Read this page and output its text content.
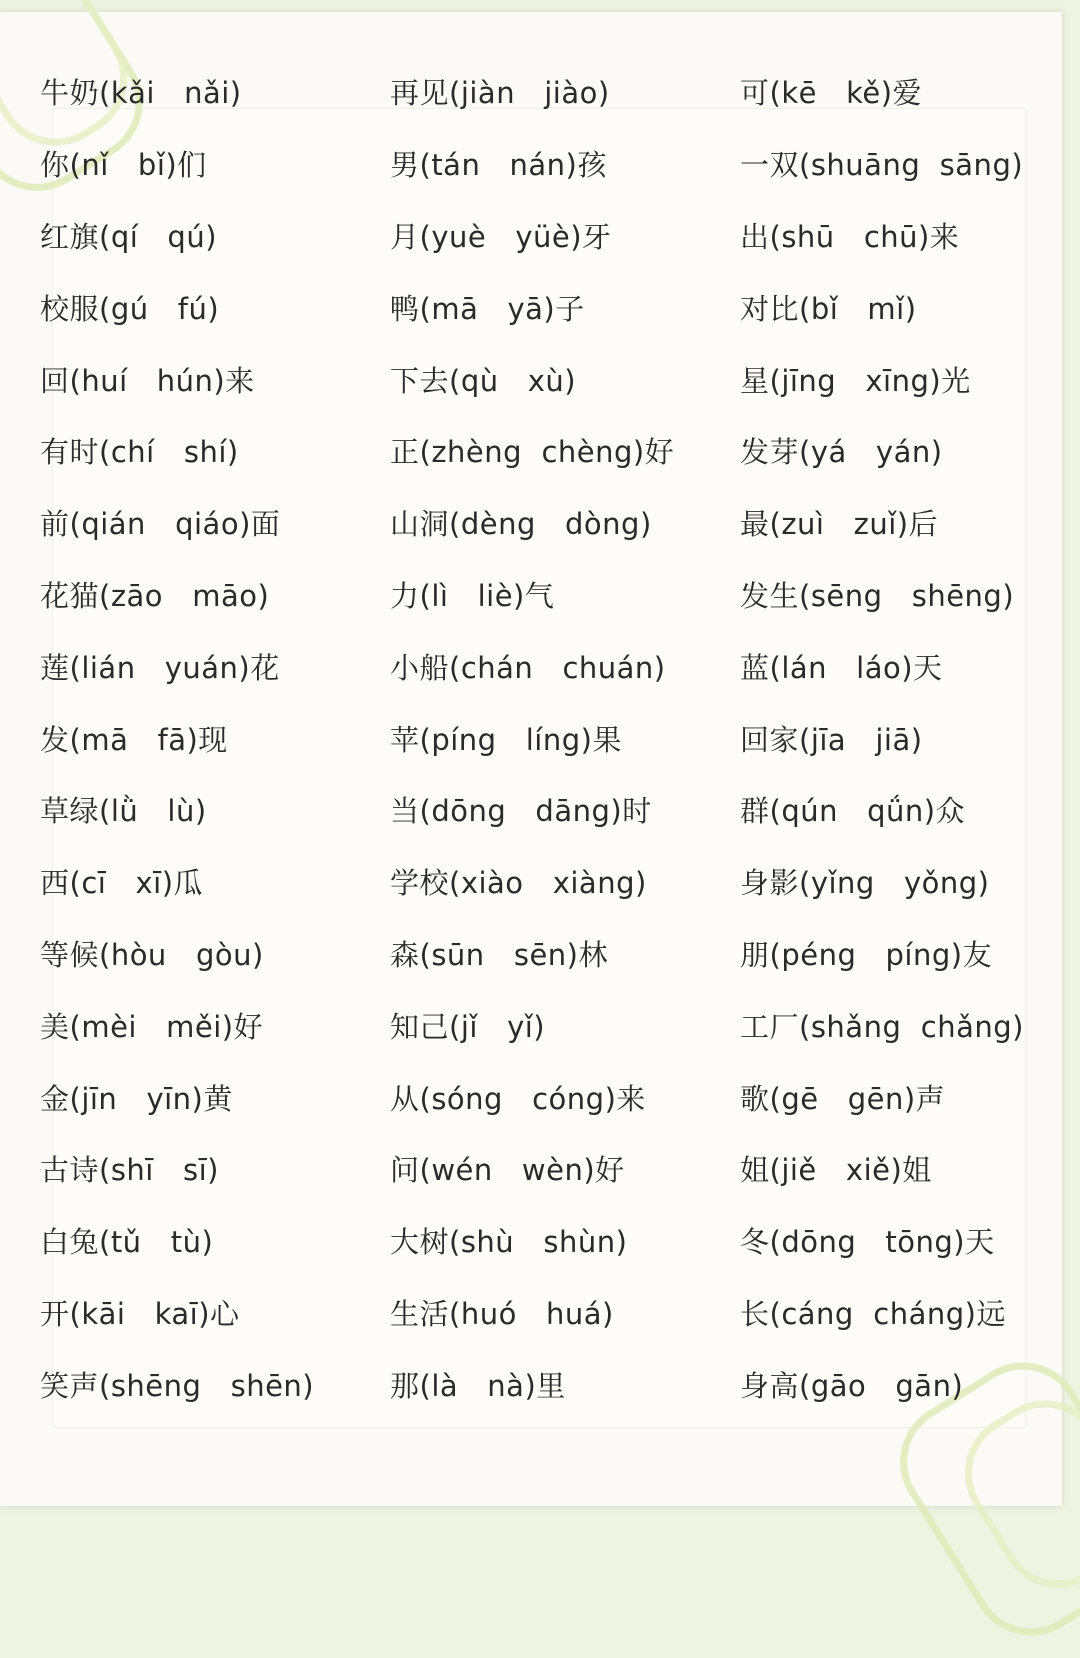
牛奶(kǎi   nǎi)	再见(jiàn   jiào)	可(kē   kě)爱
你(nǐ   bǐ)们	男(tán   nán)孩	一双(shuāng  sāng)
红旗(qí   qú)	月(yuè   yüè)牙	出(shū   chū)来
校服(gú   fú)	鸭(mā   yā)子	对比(bǐ   mǐ)
回(huí   hún)来	下去(qù   xù)	星(jīng   xīng)光
有时(chí   shí)	正(zhèng  chèng)好 发芽(yá   yán)
前(qián   qiáo)面	山洞(dèng   dòng)	最(zuì   zuǐ)后
花猫(zāo   māo)	力(lì   liè)气	发生(sēng   shēng)
莲(lián   yuán)花	小船(chán   chuán)	蓝(lán   láo)天
发(mā   fā)现	苹(píng   líng)果	回家(jīa   jiā)
草绿(lǜ   lù)	当(dōng   dāng)时	群(qún   qǘn)众
西(cī   xī)瓜	学校(xiào   xiàng)	身影(yǐng   yǒng)
等候(hòu   gòu)	森(sūn   sēn)林	朋(péng   píng)友
美(mèi   měi)好	知己(jǐ   yǐ)	工厂(shǎng  chǎng)
金(jīn   yīn)黄	从(sóng   cóng)来	歌(gē   gēn)声
古诗(shī   sī)	问(wén   wèn)好	姐(jiě   xiě)姐
白兔(tǔ   tù)	大树(shù   shùn)	冬(dōng   tōng)天
开(kāi   kaī)心	生活(huó   huá)	长(cáng  cháng)远
笑声(shēng   shēn)	那(là   nà)里	身高(gāo   gān)
